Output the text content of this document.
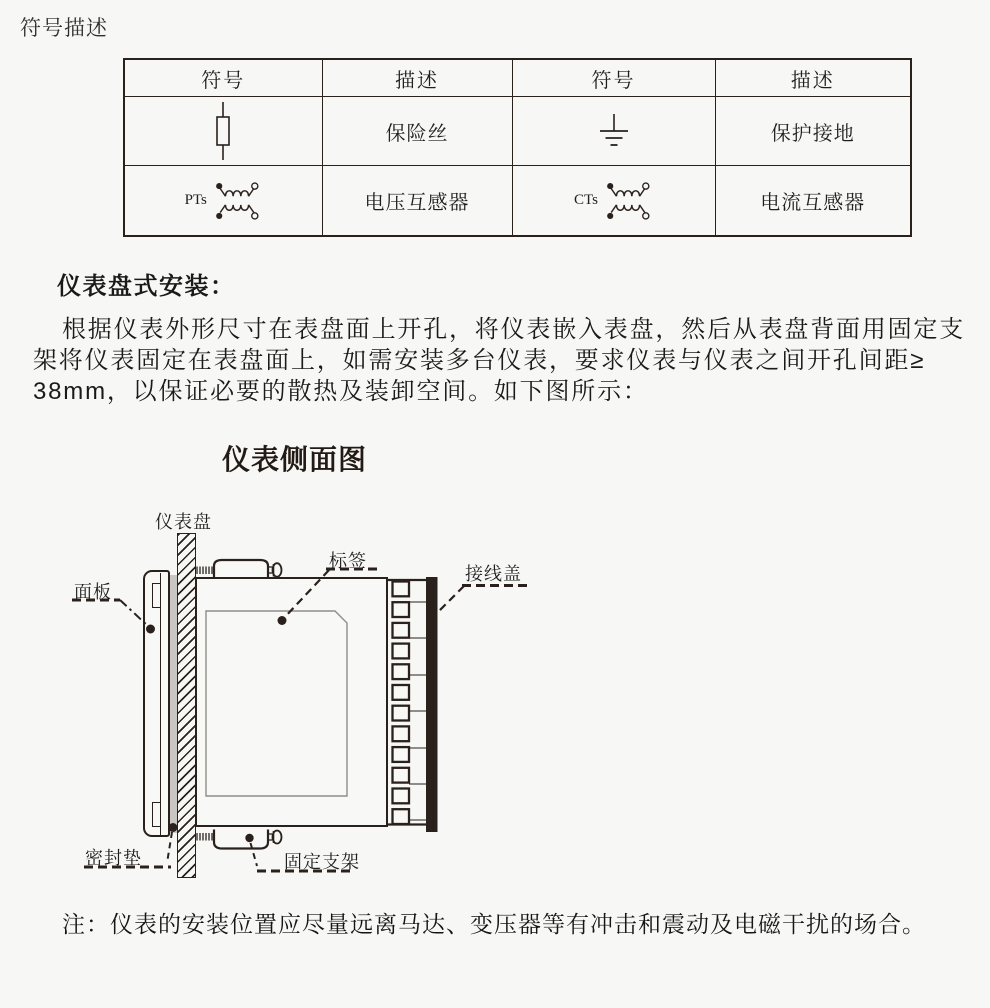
符号描述
符号	描述	符号	描述

	保险丝		保护接地

PTs	电压互感器	CTs	电流互感器
仪表盘式安装：
根据仪表外形尺寸在表盘面上开孔，将仪表嵌入表盘，然后从表盘背面用固定支
架将仪表固定在表盘面上，如需安装多台仪表，要求仪表与仪表之间开孔间距≥
38mm，以保证必要的散热及装卸空间。如下图所示：
仪表侧面图
仪表盘
面板
标签
接线盖
密封垫	固定支架
注：仪表的安装位置应尽量远离马达、变压器等有冲击和震动及电磁干扰的场合。
